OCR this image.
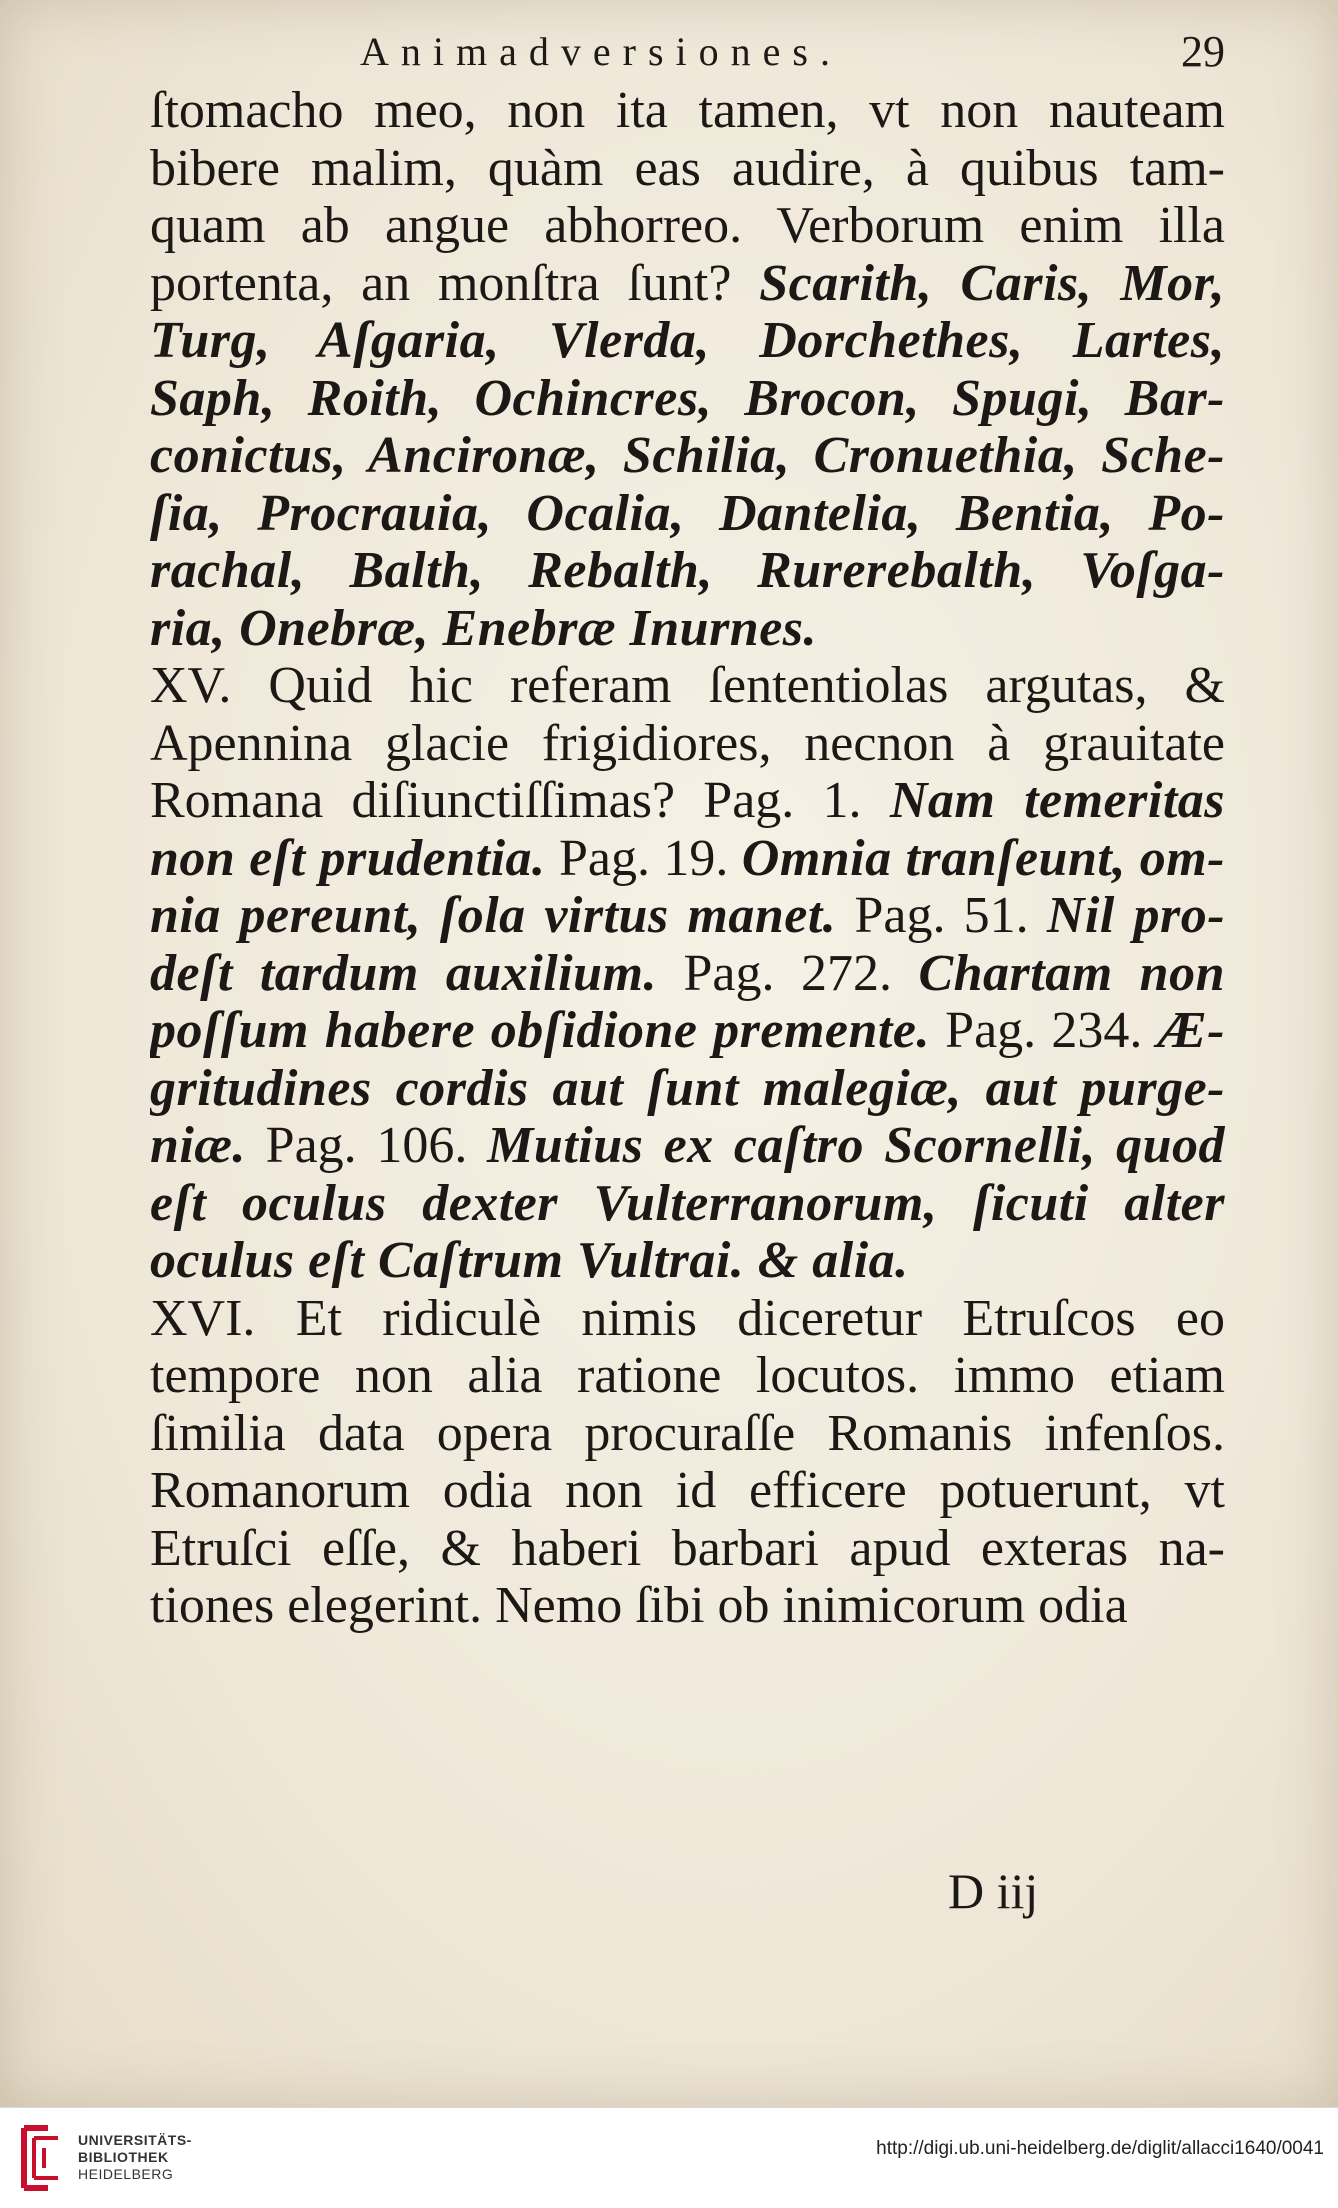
Animadversiones.	29
ſtomacho meo, non ita tamen, vt non nauteam
bibere malim, quàm eas audire, à quibus tam-
quam ab angue abhorreo. Verborum enim illa
portenta, an monſtra ſunt? Scarith, Caris, Mor,
Turg, Aſgaria, Vlerda, Dorchethes, Lartes,
Saph, Roith, Ochincres, Brocon, Spugi, Bar-
conictus, Ancironæ, Schilia, Cronuethia, Sche-
ſia, Procrauia, Ocalia, Dantelia, Bentia, Po-
rachal, Balth, Rebalth, Rurerebalth, Voſga-
ria, Onebræ, Enebræ Inurnes.
XV. Quid hic referam ſententiolas argutas, &
Apennina glacie frigidiores, necnon à grauitate
Romana diſiunctiſſimas? Pag. 1. Nam temeritas
non eſt prudentia. Pag. 19. Omnia tranſeunt, om-
nia pereunt, ſola virtus manet. Pag. 51. Nil pro-
deſt tardum auxilium. Pag. 272. Chartam non
poſſum habere obſidione premente. Pag. 234. Æ-
gritudines cordis aut ſunt malegiæ, aut purge-
niæ. Pag. 106. Mutius ex caſtro Scornelli, quod
eſt oculus dexter Vulterranorum, ſicuti alter
oculus eſt Caſtrum Vultrai. & alia.
XVI. Et ridiculè nimis diceretur Etruſcos eo
tempore non alia ratione locutos. immo etiam
ſimilia data opera procuraſſe Romanis infenſos.
Romanorum odia non id efficere potuerunt, vt
Etruſci eſſe, & haberi barbari apud exteras na-
tiones elegerint. Nemo ſibi ob inimicorum odia
D iij
UNIVERSITÄTS-
BIBLIOTHEK
HEIDELBERG
http://digi.ub.uni-heidelberg.de/diglit/allacci1640/0041
